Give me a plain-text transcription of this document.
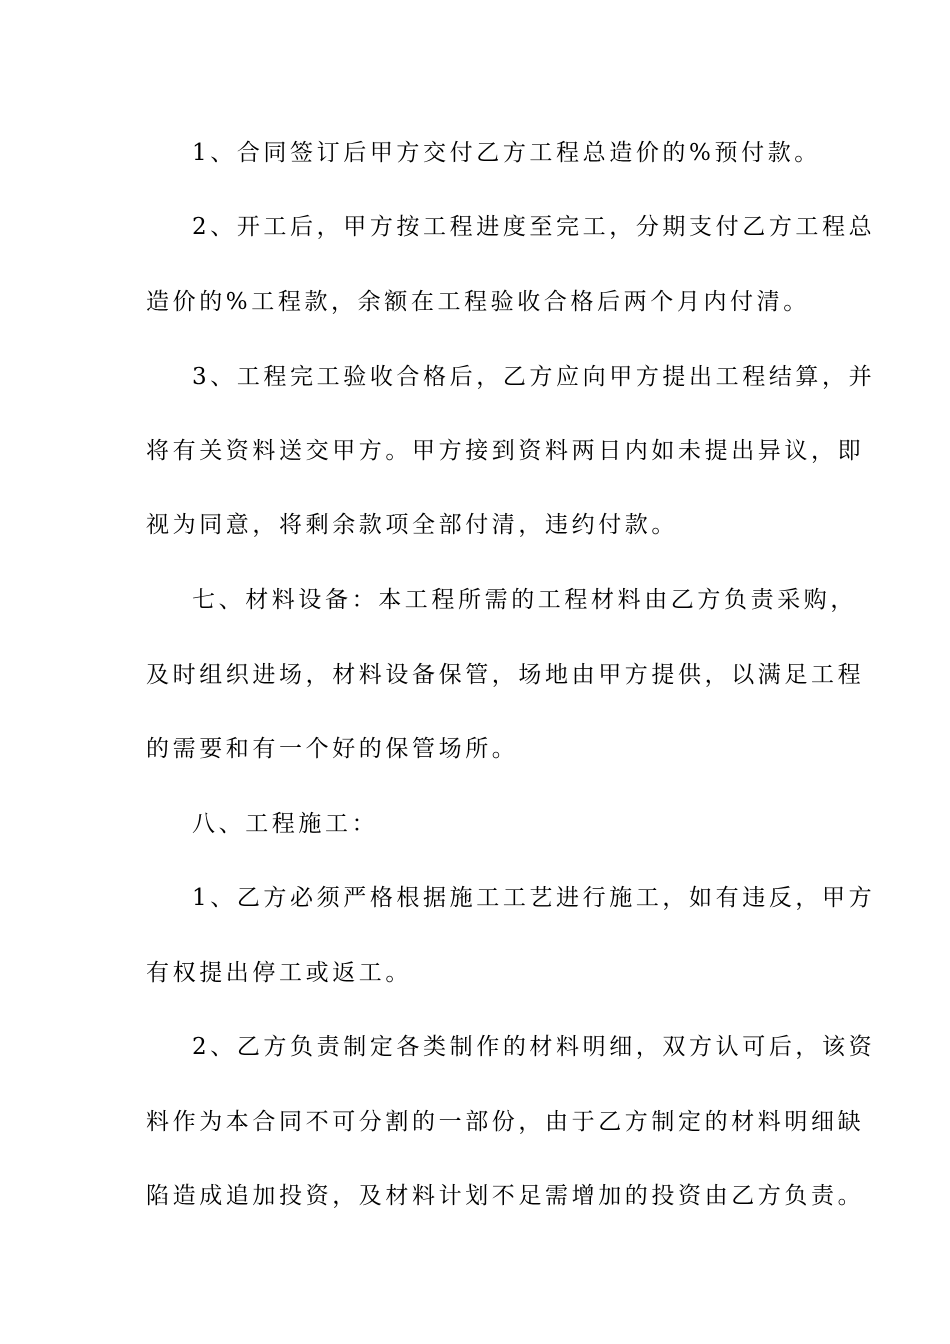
1、合同签订后甲方交付乙方工程总造价的%预付款。
2、开工后，甲方按工程进度至完工，分期支付乙方工程总
造价的%工程款，余额在工程验收合格后两个月内付清。
3、工程完工验收合格后，乙方应向甲方提出工程结算，并
将有关资料送交甲方。甲方接到资料两日内如未提出异议，即
视为同意，将剩余款项全部付清，违约付款。
七、材料设备：本工程所需的工程材料由乙方负责采购，
及时组织进场，材料设备保管，场地由甲方提供，以满足工程
的需要和有一个好的保管场所。
八、工程施工：
1、乙方必须严格根据施工工艺进行施工，如有违反，甲方
有权提出停工或返工。
2、乙方负责制定各类制作的材料明细，双方认可后，该资
料作为本合同不可分割的一部份，由于乙方制定的材料明细缺
陷造成追加投资，及材料计划不足需增加的投资由乙方负责。
